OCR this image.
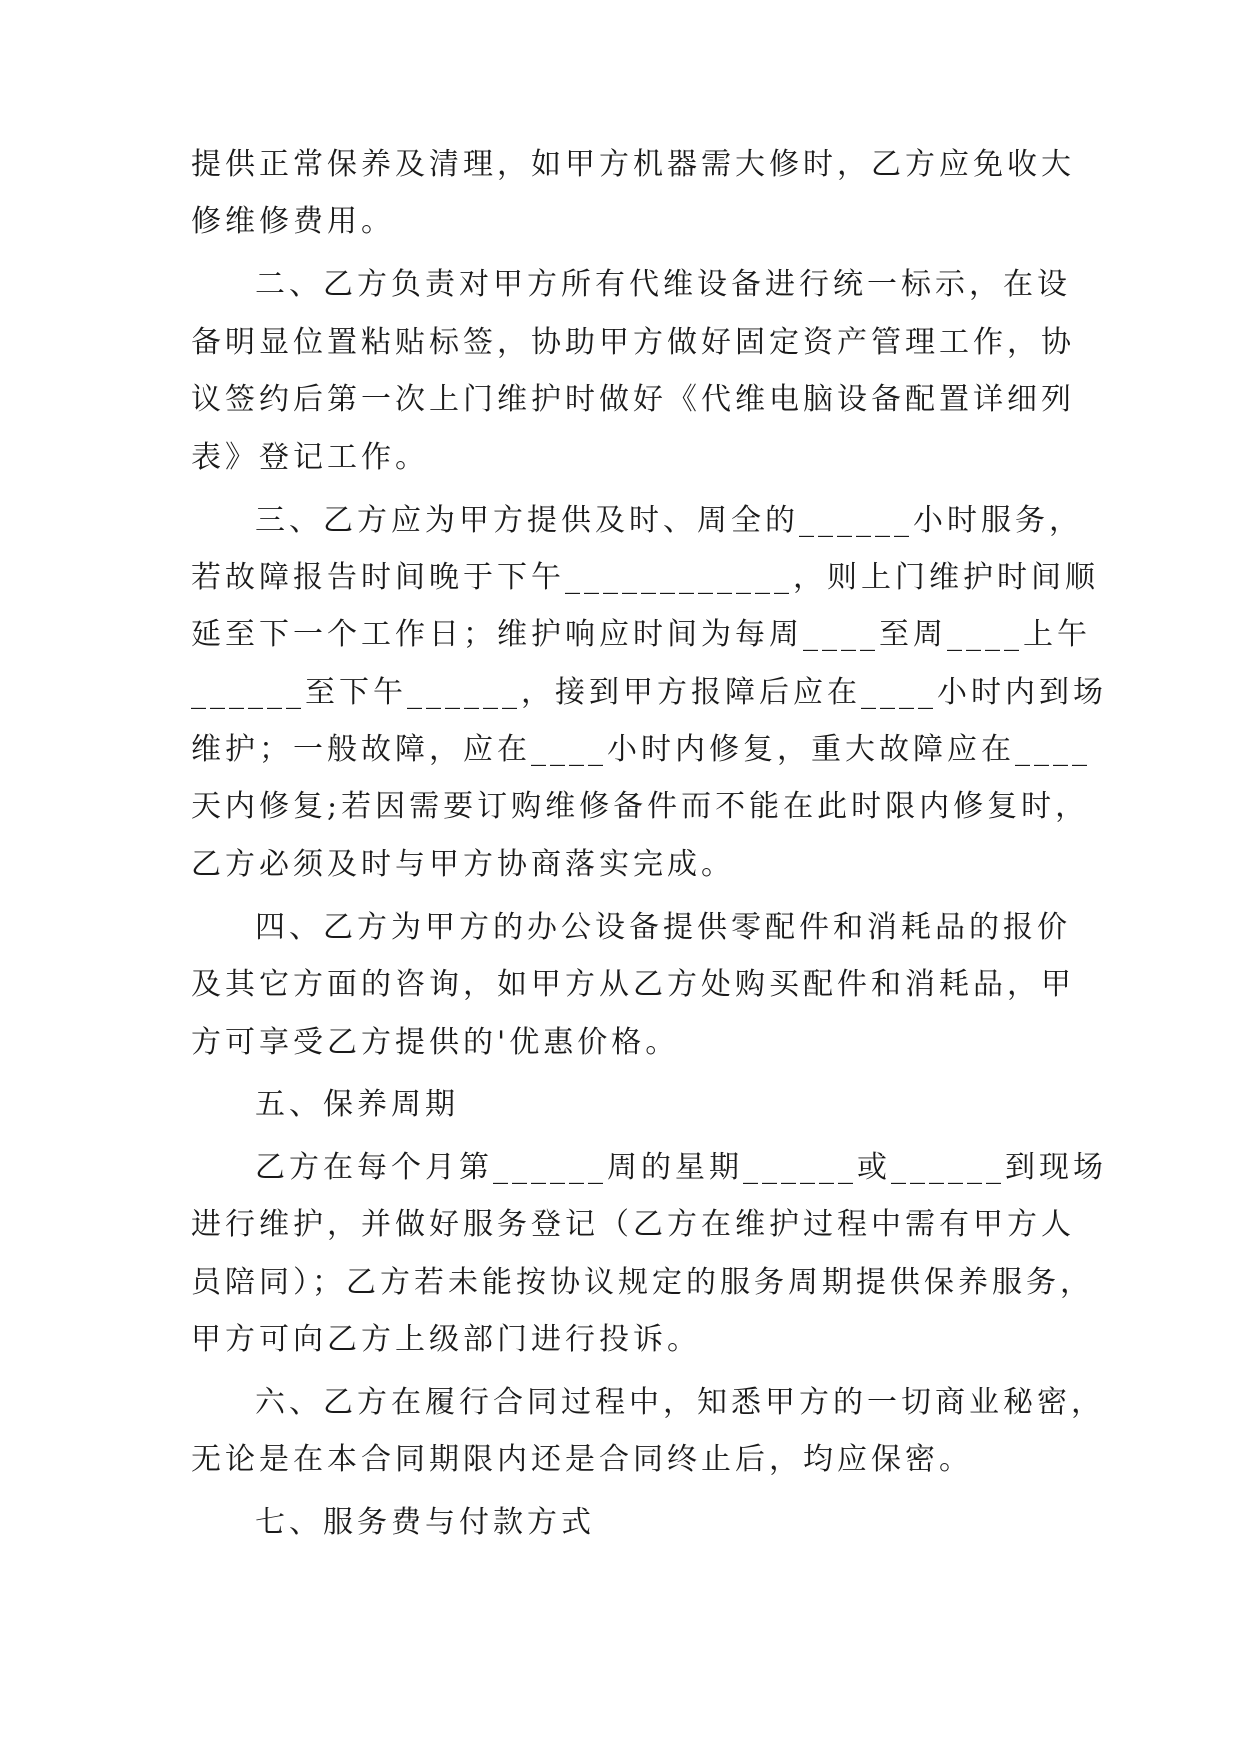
提供正常保养及清理，如甲方机器需大修时，乙方应免收大

修维修费用。

二、乙方负责对甲方所有代维设备进行统一标示，在设

备明显位置粘贴标签，协助甲方做好固定资产管理工作，协

议签约后第一次上门维护时做好《代维电脑设备配置详细列

表》登记工作。

三、乙方应为甲方提供及时、周全的______小时服务，

若故障报告时间晚于下午____________，则上门维护时间顺

延至下一个工作日；维护响应时间为每周____至周____上午

______至下午______，接到甲方报障后应在____小时内到场

维护；一般故障，应在____小时内修复，重大故障应在____

天内修复;若因需要订购维修备件而不能在此时限内修复时，

乙方必须及时与甲方协商落实完成。

四、乙方为甲方的办公设备提供零配件和消耗品的报价

及其它方面的咨询，如甲方从乙方处购买配件和消耗品，甲

方可享受乙方提供的'优惠价格。

五、保养周期

乙方在每个月第______周的星期______或______到现场

进行维护，并做好服务登记（乙方在维护过程中需有甲方人

员陪同）；乙方若未能按协议规定的服务周期提供保养服务，

甲方可向乙方上级部门进行投诉。

六、乙方在履行合同过程中，知悉甲方的一切商业秘密，

无论是在本合同期限内还是合同终止后，均应保密。

七、服务费与付款方式
